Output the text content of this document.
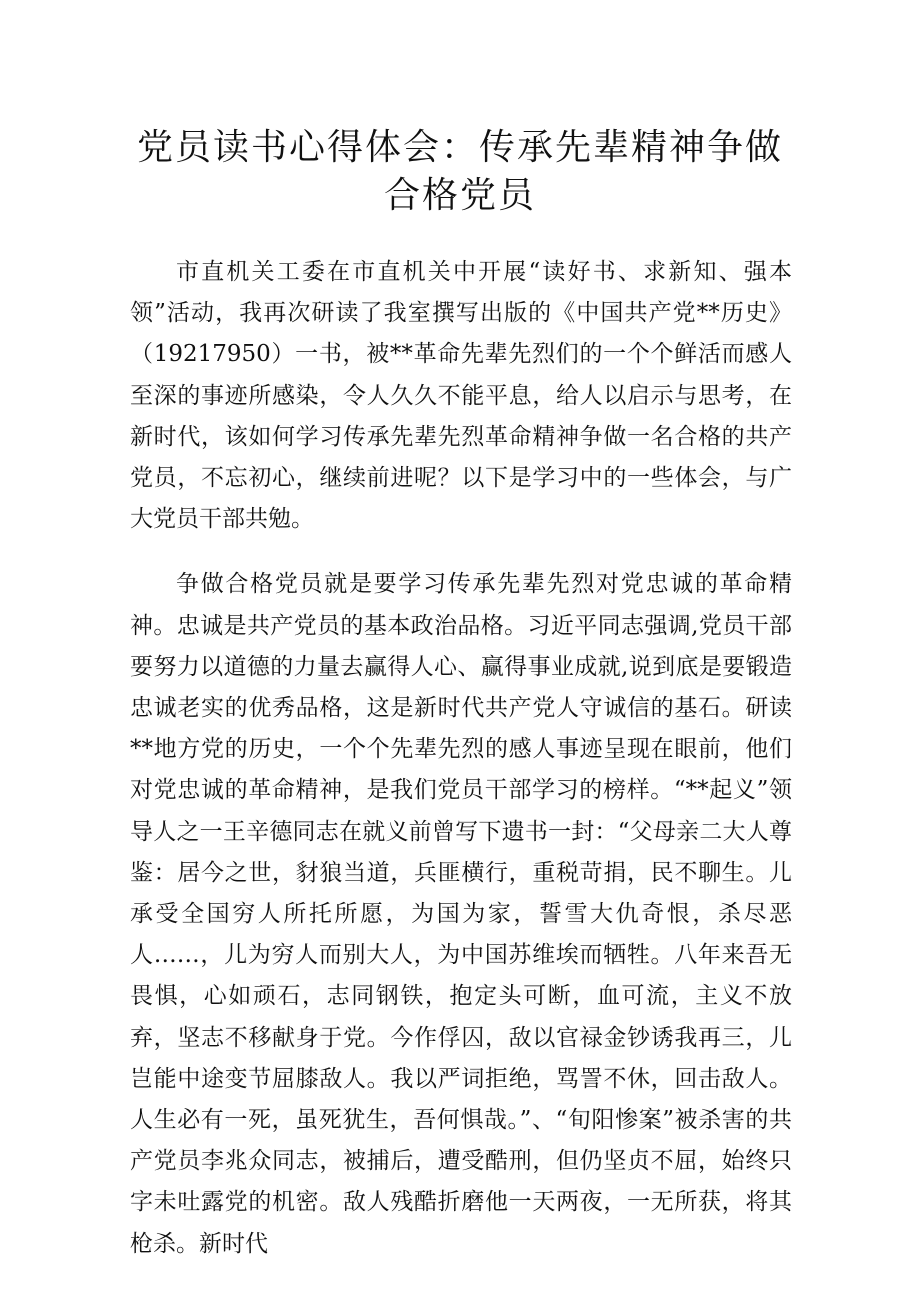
党员读书心得体会：传承先辈精神争做合格党员

市直机关工委在市直机关中开展“读好书、求新知、强本领”活动，我再次研读了我室撰写出版的《中国共产党**历史》（19217950）一书，被**革命先辈先烈们的一个个鲜活而感人至深的事迹所感染，令人久久不能平息，给人以启示与思考，在新时代，该如何学习传承先辈先烈革命精神争做一名合格的共产党员，不忘初心，继续前进呢？以下是学习中的一些体会，与广大党员干部共勉。

争做合格党员就是要学习传承先辈先烈对党忠诚的革命精神。忠诚是共产党员的基本政治品格。习近平同志强调,党员干部要努力以道德的力量去赢得人心、赢得事业成就,说到底是要锻造忠诚老实的优秀品格，这是新时代共产党人守诚信的基石。研读**地方党的历史，一个个先辈先烈的感人事迹呈现在眼前，他们对党忠诚的革命精神，是我们党员干部学习的榜样。“**起义”领导人之一王辛德同志在就义前曾写下遗书一封：“父母亲二大人尊鉴：居今之世，豺狼当道，兵匪横行，重税苛捐，民不聊生。儿承受全国穷人所托所愿，为国为家，誓雪大仇奇恨，杀尽恶人……，儿为穷人而别大人，为中国苏维埃而牺牲。八年来吾无畏惧，心如顽石，志同钢铁，抱定头可断，血可流，主义不放弃，坚志不移献身于党。今作俘囚，敌以官禄金钞诱我再三，儿岂能中途变节屈膝敌人。我以严词拒绝，骂詈不休，回击敌人。人生必有一死，虽死犹生，吾何惧哉。”、“旬阳惨案”被杀害的共产党员李兆众同志，被捕后，遭受酷刑，但仍坚贞不屈，始终只字未吐露党的机密。敌人残酷折磨他一天两夜，一无所获，将其枪杀。新时代
